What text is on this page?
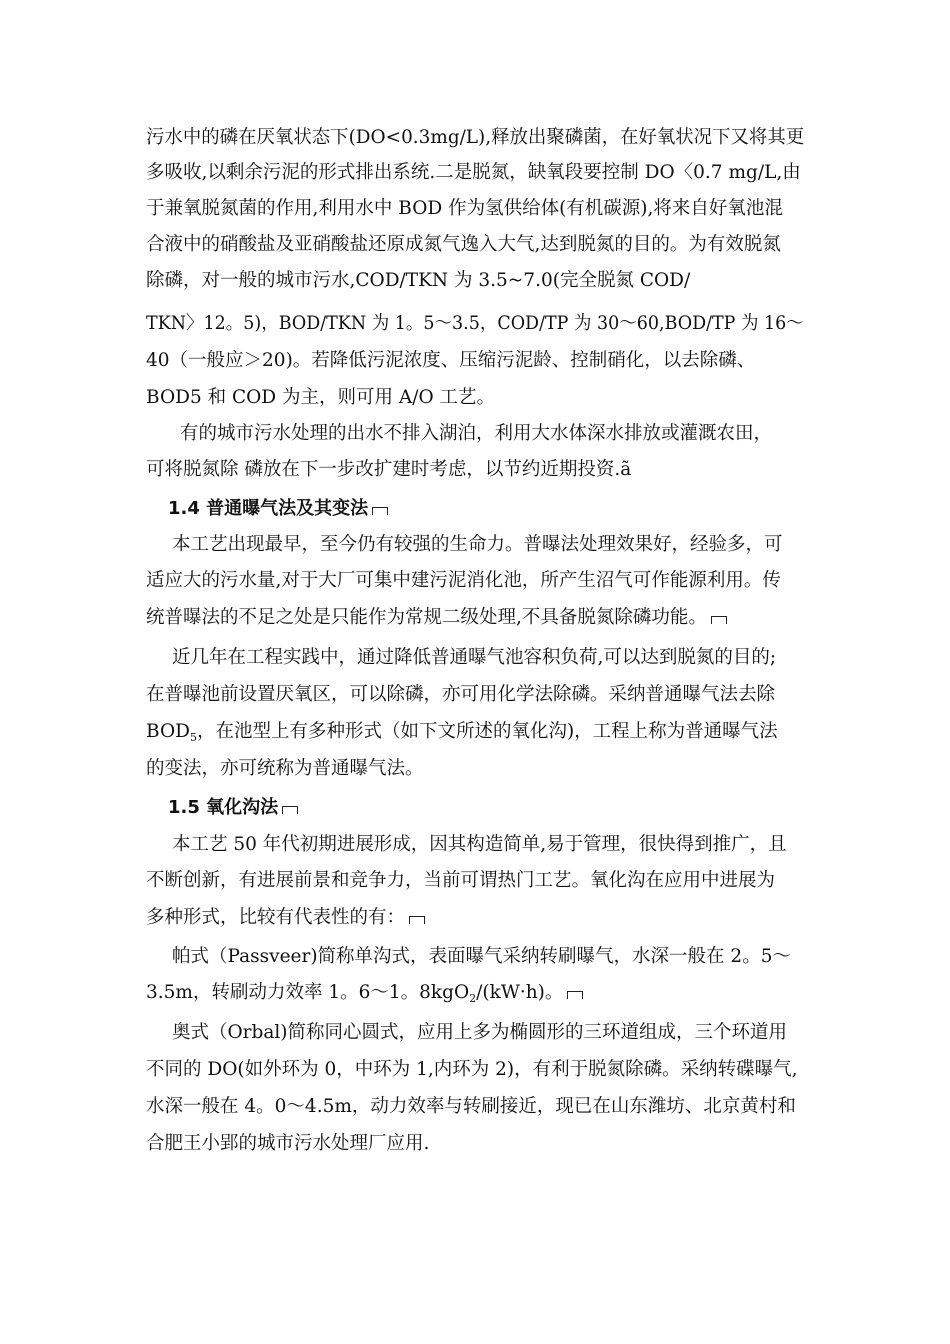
污水中的磷在厌氧状态下(DO<0.3mg/L),释放出聚磷菌，在好氧状况下又将其更
多吸收,以剩余污泥的形式排出系统.二是脱氮，缺氧段要控制 DO〈0.7 mg/L,由
于兼氧脱氮菌的作用,利用水中 BOD 作为氢供给体(有机碳源),将来自好氧池混
合液中的硝酸盐及亚硝酸盐还原成氮气逸入大气,达到脱氮的目的。为有效脱氮
除磷，对一般的城市污水,COD/TKN 为 3.5~7.0(完全脱氮 COD/
TKN〉12。5)，BOD/TKN 为 1。5～3.5，COD/TP 为 30～60,BOD/TP 为 16～
40（一般应＞20)。若降低污泥浓度、压缩污泥龄、控制硝化，以去除磷、
BOD5 和 COD 为主，则可用 A/O 工艺。
有的城市污水处理的出水不排入湖泊，利用大水体深水排放或灌溉农田，
可将脱氮除 磷放在下一步改扩建时考虑，以节约近期投资.ã
1.4 普通曝气法及其变法
本工艺出现最早，至今仍有较强的生命力。普曝法处理效果好，经验多，可
适应大的污水量,对于大厂可集中建污泥消化池，所产生沼气可作能源利用。传
统普曝法的不足之处是只能作为常规二级处理,不具备脱氮除磷功能。
近几年在工程实践中，通过降低普通曝气池容积负荷,可以达到脱氮的目的;
在普曝池前设置厌氧区，可以除磷，亦可用化学法除磷。采纳普通曝气法去除
$BOD_5$，在池型上有多种形式（如下文所述的氧化沟)，工程上称为普通曝气法
的变法，亦可统称为普通曝气法。
1.5 氧化沟法
本工艺 50 年代初期进展形成，因其构造简单,易于管理，很快得到推广，且
不断创新，有进展前景和竞争力，当前可谓热门工艺。氧化沟在应用中进展为
多种形式，比较有代表性的有：
帕式（Passveer)简称单沟式，表面曝气采纳转刷曝气，水深一般在 2。5～
3.5m，转刷动力效率 1。6～1。8kgO$_2$/(kW·h)。
奥式（Orbal)简称同心圆式，应用上多为椭圆形的三环道组成，三个环道用
不同的 DO(如外环为 0，中环为 1,内环为 2)，有利于脱氮除磷。采纳转碟曝气,
水深一般在 4。0～4.5m，动力效率与转刷接近，现已在山东潍坊、北京黄村和
合肥王小郢的城市污水处理厂应用.
